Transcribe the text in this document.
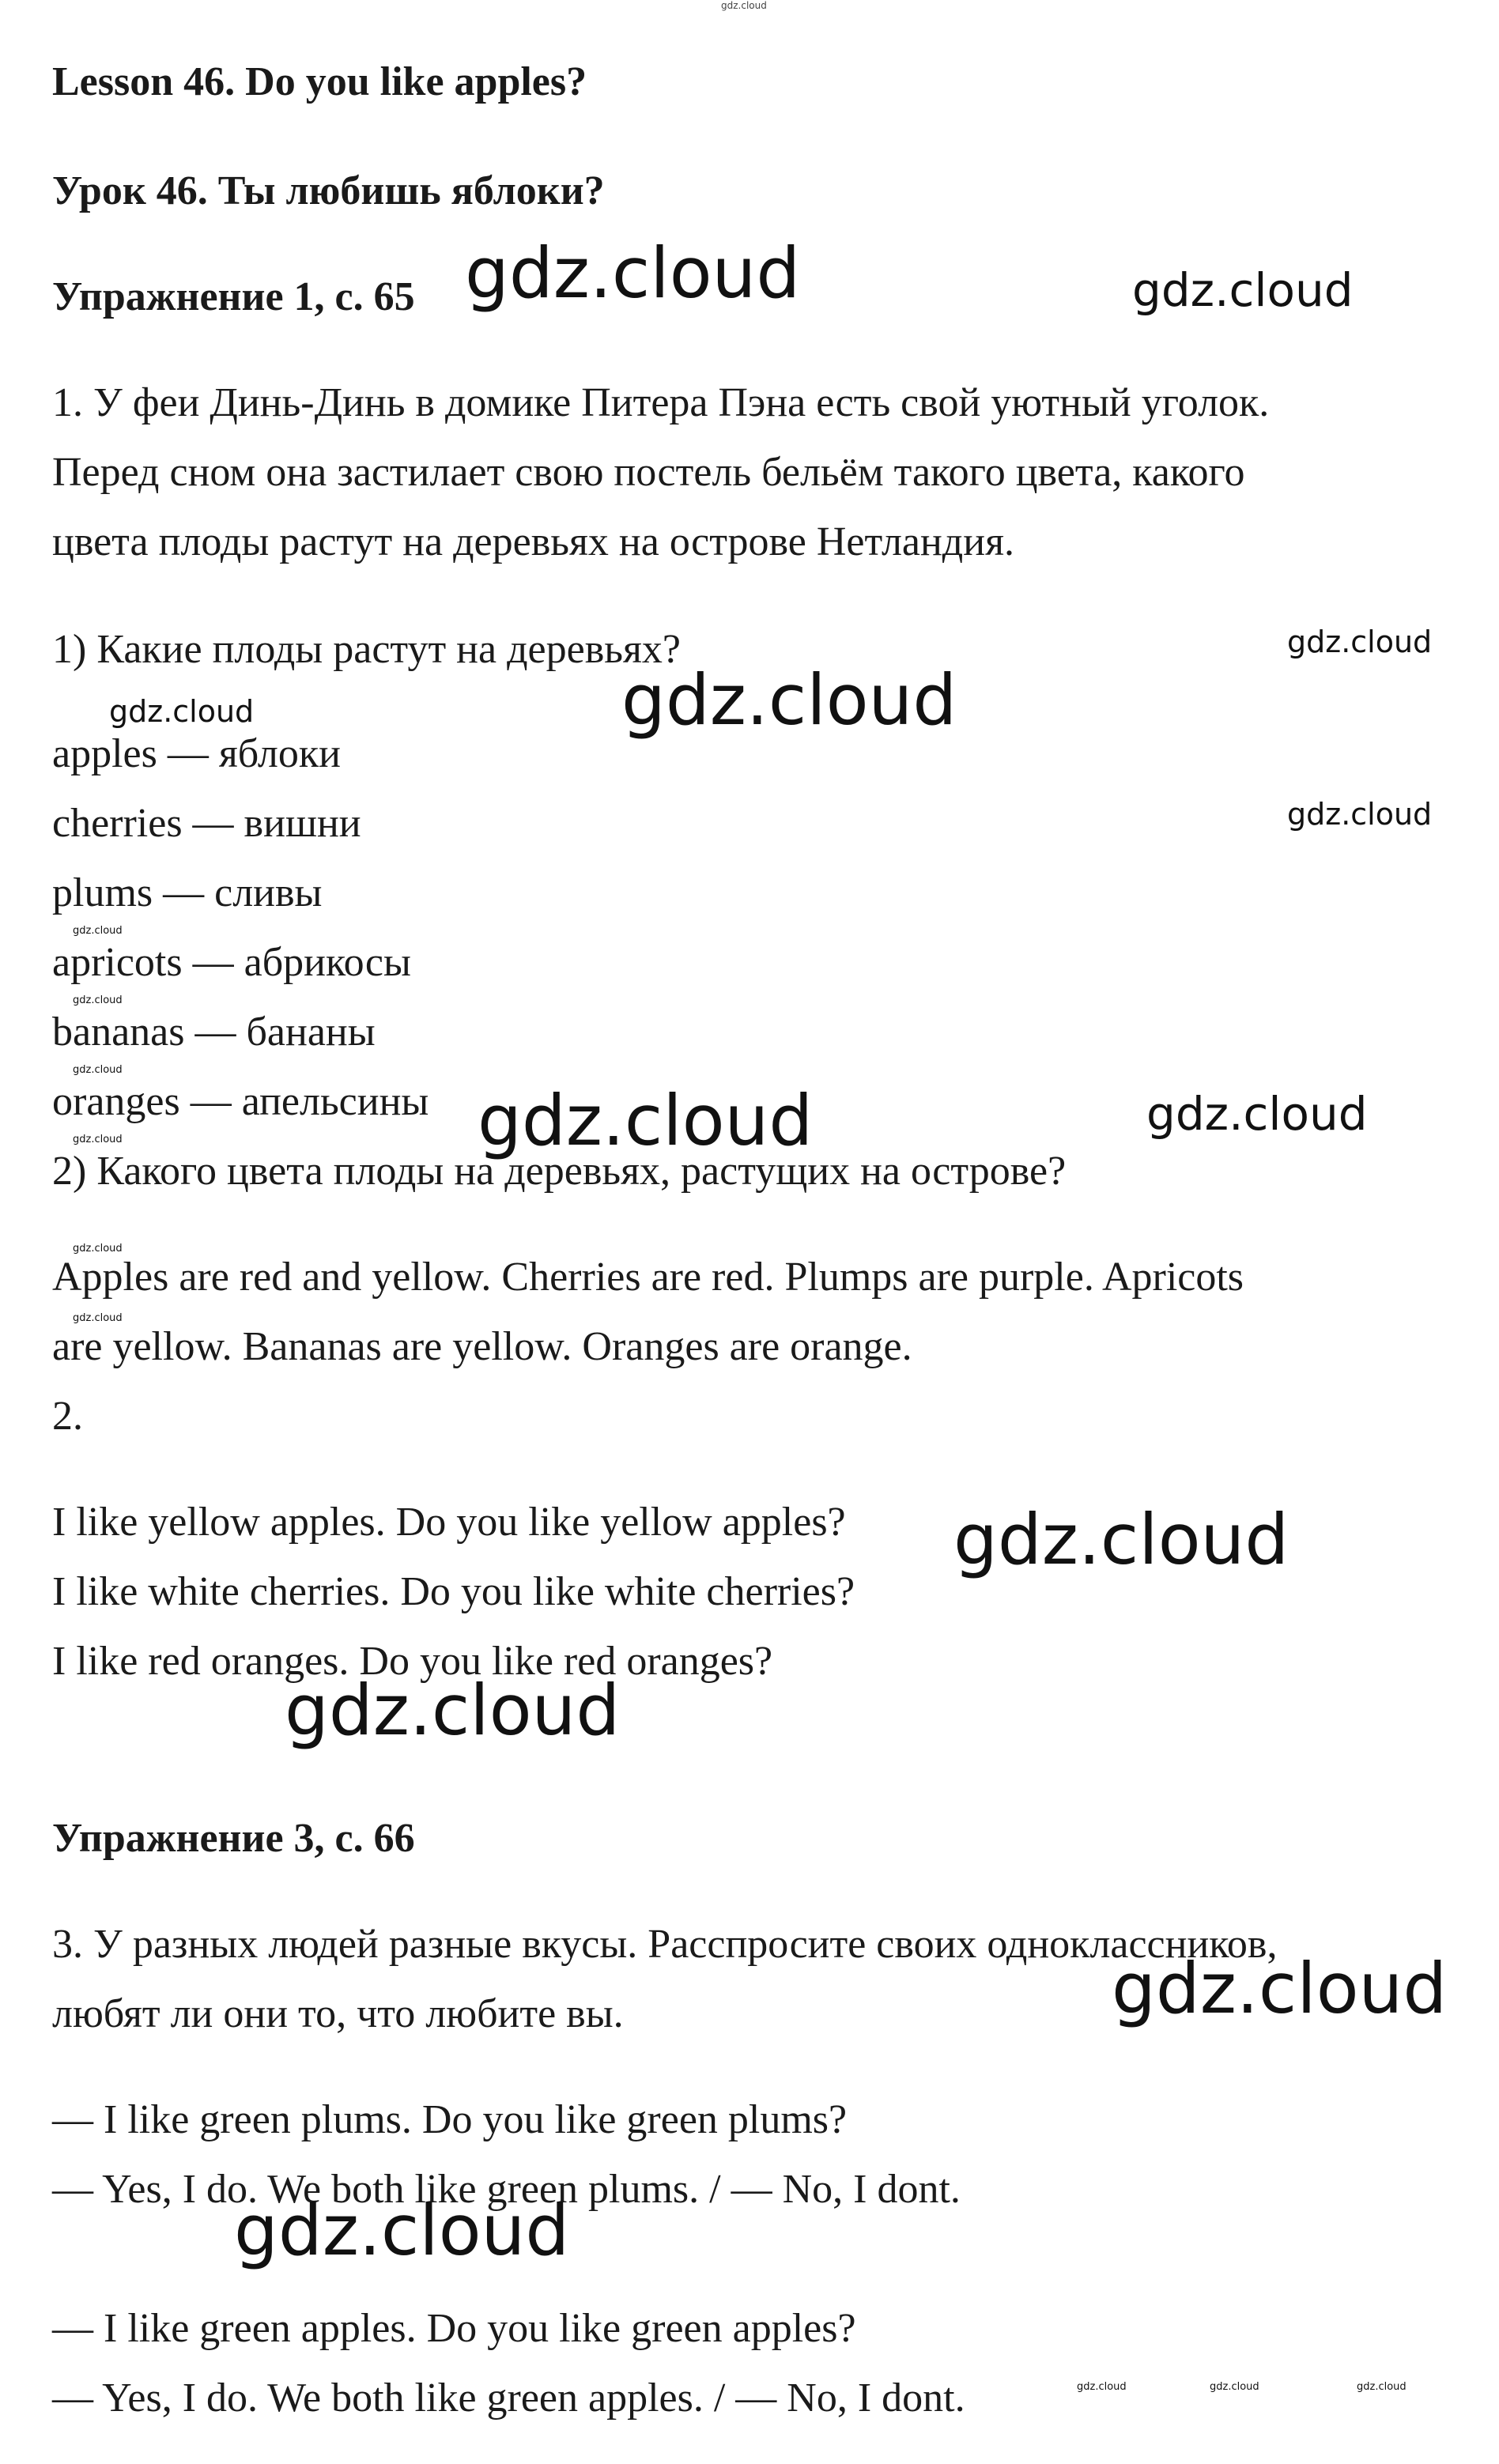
Lesson 46. Do you like apples?
Урок 46. Ты любишь яблоки?
Упражнение 1, с. 65
1. У феи Динь-Динь в домике Питера Пэна есть свой уютный уголок.
Перед сном она застилает свою постель бельём такого цвета, какого
цвета плоды растут на деревьях на острове Нетландия.
1) Какие плоды растут на деревьях?
apples — яблоки
cherries — вишни
plums — сливы
apricots — абрикосы
bananas — бананы
oranges — апельсины
2) Какого цвета плоды на деревьях, растущих на острове?
Apples are red and yellow. Cherries are red. Plumps are purple. Apricots
are yellow. Bananas are yellow. Oranges are orange.
2.
I like yellow apples. Do you like yellow apples?
I like white cherries. Do you like white cherries?
I like red oranges. Do you like red oranges?
Упражнение 3, с. 66
3. У разных людей разные вкусы. Расспросите своих одноклассников,
любят ли они то, что любите вы.
— I like green plums. Do you like green plums?
— Yes, I do. We both like green plums. / — No, I dont.
— I like green apples. Do you like green apples?
— Yes, I do. We both like green apples. / — No, I dont.
gdz.cloud
gdz.cloud	gdz.cloud
gdz.cloud
gdz.cloud	gdz.cloud
gdz.cloud
gdz.cloud
gdz.cloud
gdz.cloud
gdz.cloud	gdz.cloud	gdz.cloud
gdz.cloud
gdz.cloud
gdz.cloud
gdz.cloud
gdz.cloud
gdz.cloud
gdz.cloud	gdz.cloud	gdz.cloud
